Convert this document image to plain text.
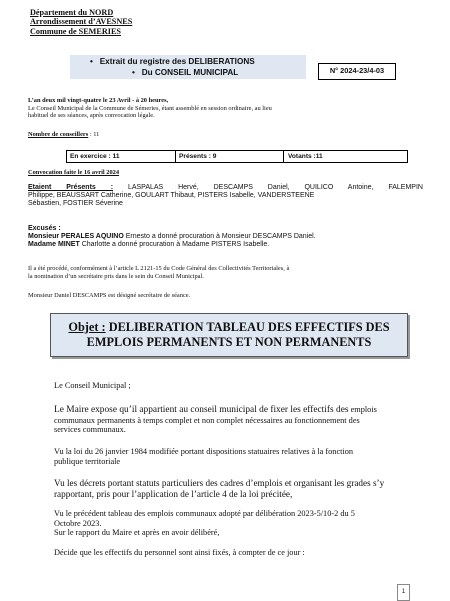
Département du NORD
Arrondissement d’AVESNES
Commune de SEMERIES
•   Extrait du registre des DELIBERATIONS
•   Du CONSEIL MUNICIPAL	N° 2024-23/4-03
L’an deux mil vingt-quatre le 23 Avril - à 20 heures,
Le Conseil Municipal de la Commune de Sémeries, étant assemblé en session ordinaire, au lieu
habituel de ses séances, après convocation légale.
Nombre de conseillers : 11
En exercice : 11	Présents : 9	Votants :11
Convocation faite le 16 avril 2024
Etaient Présents : LASPALAS Hervé, DESCAMPS Daniel, QUILICO Antoine, FALEMPIN
Philippe, BEAUSSART Catherine, GOULART Thibaut, PISTERS Isabelle, VANDERSTEENE
Sébastien, FOSTIER Séverine
Excusés :
Monsieur PERALES AQUINO Ernesto a donné procuration à Monsieur DESCAMPS Daniel.
Madame MINET Charlotte a donné procuration à Madame PISTERS Isabelle.
Il a été procédé, conformément à l’article L 2121-15 du Code Général des Collectivités Territoriales, à
la nomination d’un secrétaire pris dans le sein du Conseil Municipal.
Monsieur Daniel DESCAMPS est désigné secrétaire de séance.
Objet : DELIBERATION TABLEAU DES EFFECTIFS DES
EMPLOIS PERMANENTS ET NON PERMANENTS
Le Conseil Municipal ;
Le Maire expose qu’il appartient au conseil municipal de fixer les effectifs des emplois
communaux permanents à temps complet et non complet nécessaires au fonctionnement des
services communaux.
Vu la loi du 26 janvier 1984 modifiée portant dispositions statuaires relatives à la fonction
publique territoriale
Vu les décrets portant statuts particuliers des cadres d’emplois et organisant les grades s’y
rapportant, pris pour l’application de l’article 4 de la loi précitée,
Vu le précédent tableau des emplois communaux adopté par délibération 2023-5/10-2 du 5
Octobre 2023.
Sur le rapport du Maire et après en avoir délibéré,
Décide que les effectifs du personnel sont ainsi fixés, à compter de ce jour :
1
